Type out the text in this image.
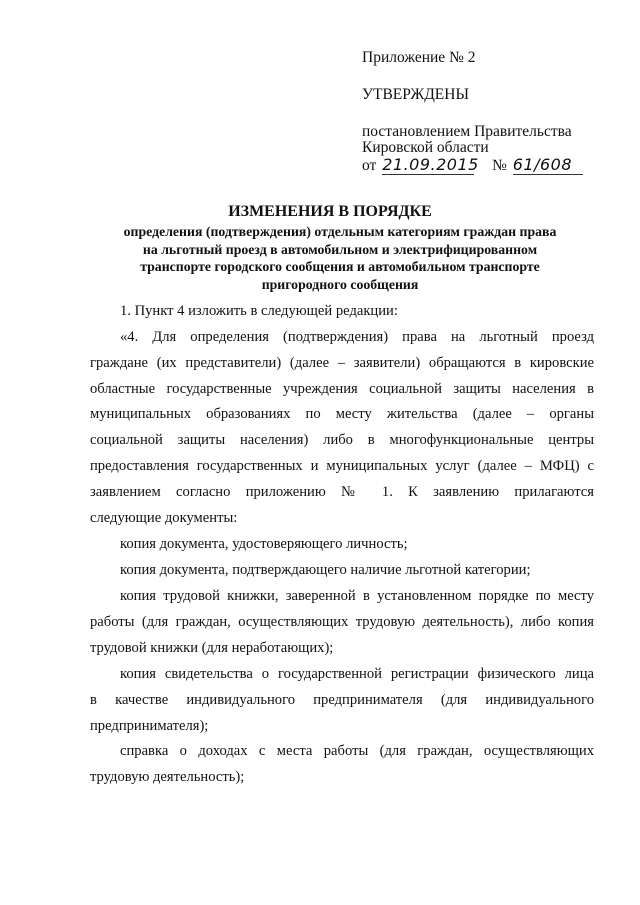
Приложение № 2
УТВЕРЖДЕНЫ
постановлением Правительства
Кировской области
от 21.09.2015 № 61/608
ИЗМЕНЕНИЯ В ПОРЯДКЕ
определения (подтверждения) отдельным категориям граждан права
на льготный проезд в автомобильном и электрифицированном
транспорте городского сообщения и автомобильном транспорте
пригородного сообщения
1. Пункт 4 изложить в следующей редакции:
«4. Для определения (подтверждения) права на льготный проезд
граждане (их представители) (далее – заявители) обращаются в кировские
областные государственные учреждения социальной защиты населения в
муниципальных образованиях по месту жительства (далее – органы
социальной защиты населения) либо в многофункциональные центры
предоставления государственных и муниципальных услуг (далее – МФЦ) с
заявлением согласно приложению № 1. К заявлению прилагаются
следующие документы:
копия документа, удостоверяющего личность;
копия документа, подтверждающего наличие льготной категории;
копия трудовой книжки, заверенной в установленном порядке по месту
работы (для граждан, осуществляющих трудовую деятельность), либо копия
трудовой книжки (для неработающих);
копия свидетельства о государственной регистрации физического лица
в качестве индивидуального предпринимателя (для индивидуального
предпринимателя);
справка о доходах с места работы (для граждан, осуществляющих
трудовую деятельность);
